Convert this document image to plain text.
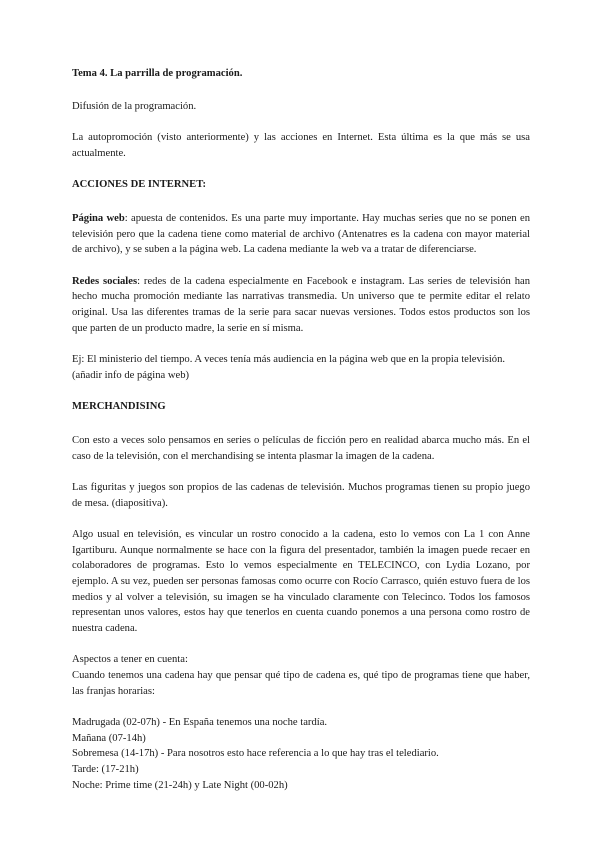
Tema 4. La parrilla de programación.

Difusión de la programación.

La autopromoción (visto anteriormente) y las acciones en Internet. Esta última es la que más se usa actualmente.

ACCIONES DE INTERNET:

Página web: apuesta de contenidos. Es una parte muy importante. Hay muchas series que no se ponen en televisión pero que la cadena tiene como material de archivo (Antenatres es la cadena con mayor material de archivo), y se suben a la página web. La cadena mediante la web va a tratar de diferenciarse.

Redes sociales: redes de la cadena especialmente en Facebook e instagram. Las series de televisión han hecho mucha promoción mediante las narrativas transmedia. Un universo que te permite editar el relato original. Usa las diferentes tramas de la serie para sacar nuevas versiones. Todos estos productos son los que parten de un producto madre, la serie en sí misma.

Ej: El ministerio del tiempo. A veces tenía más audiencia en la página web que en la propia televisión. (añadir info de página web)

MERCHANDISING

Con esto a veces solo pensamos en series o películas de ficción pero en realidad abarca mucho más. En el caso de la televisión, con el merchandising se intenta plasmar la imagen de la cadena.

Las figuritas y juegos son propios de las cadenas de televisión. Muchos programas tienen su propio juego de mesa. (diapositiva).

Algo usual en televisión, es vincular un rostro conocido a la cadena, esto lo vemos con La 1 con Anne Igartiburu. Aunque normalmente se hace con la figura del presentador, también la imagen puede recaer en colaboradores de programas. Esto lo vemos especialmente en TELECINCO, con Lydia Lozano, por ejemplo. A su vez, pueden ser personas famosas como ocurre con Rocío Carrasco, quién estuvo fuera de los medios y al volver a televisión, su imagen se ha vinculado claramente con Telecinco. Todos los famosos representan unos valores, estos hay que tenerlos en cuenta cuando ponemos a una persona como rostro de nuestra cadena.

Aspectos a tener en cuenta:

Cuando tenemos una cadena hay que pensar qué tipo de cadena es, qué tipo de programas tiene que haber, las franjas horarias:

Madrugada (02-07h) - En España tenemos una noche tardía.

Mañana (07-14h)

Sobremesa (14-17h) - Para nosotros esto hace referencia a lo que hay tras el telediario.

Tarde: (17-21h)

Noche: Prime time (21-24h) y Late Night (00-02h)
